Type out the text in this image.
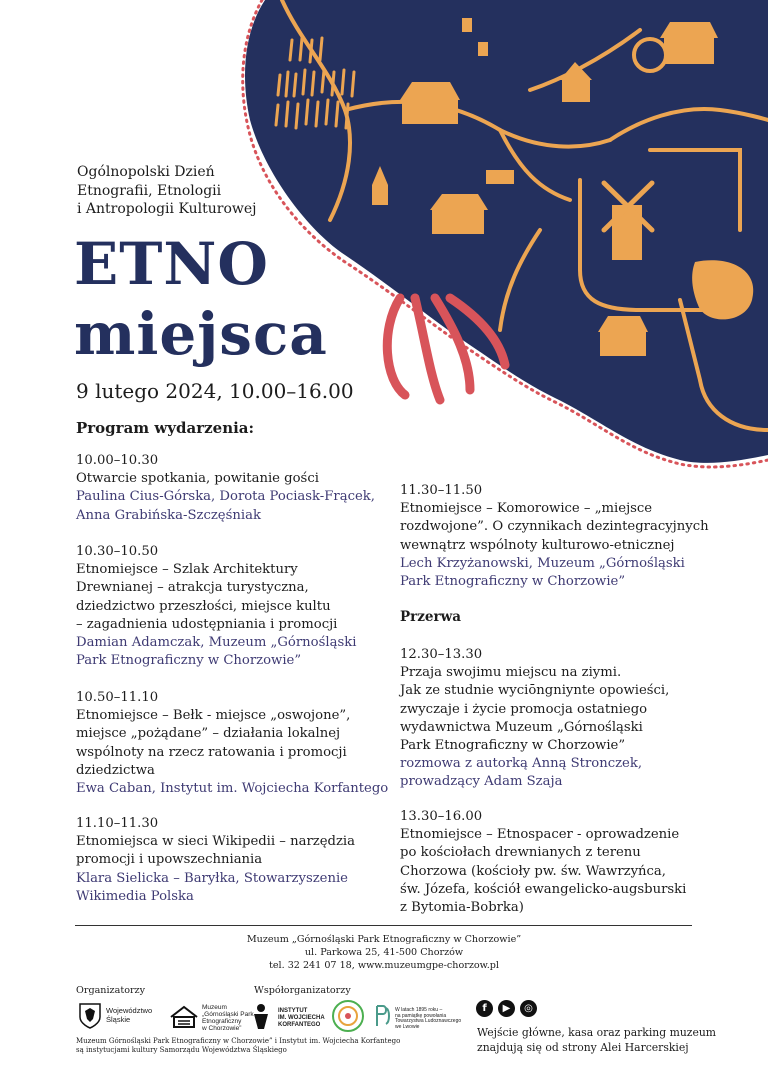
Ogólnopolski Dzień
Etnografii, Etnologii
i Antropologii Kulturowej
ETNO
miejsca
9 lutego 2024, 10.00–16.00
Program wydarzenia:
10.00–10.30
Otwarcie spotkania, powitanie gości
Paulina Cius-Górska, Dorota Pociask-Frącek,
Anna Grabińska-Szczęśniak
10.30–10.50
Etnomiejsce – Szlak Architektury
Drewnianej – atrakcja turystyczna,
dziedzictwo przeszłości, miejsce kultu
– zagadnienia udostępniania i promocji
Damian Adamczak, Muzeum „Górnośląski
Park Etnograficzny w Chorzowie”
10.50–11.10
Etnomiejsce – Bełk - miejsce „oswojone”,
miejsce „pożądane” – działania lokalnej
wspólnoty na rzecz ratowania i promocji
dziedzictwa
Ewa Caban, Instytut im. Wojciecha Korfantego
11.10–11.30
Etnomiejsca w sieci Wikipedii – narzędzia
promocji i upowszechniania
Klara Sielicka – Baryłka, Stowarzyszenie
Wikimedia Polska
11.30–11.50
Etnomiejsce – Komorowice – „miejsce
rozdwojone”. O czynnikach dezintegracyjnych
wewnątrz wspólnoty kulturowo-etnicznej
Lech Krzyżanowski, Muzeum „Górnośląski
Park Etnograficzny w Chorzowie”
Przerwa
12.30–13.30
Przaja swojimu miejscu na ziymi.
Jak ze studnie wyciōngniynte opowieści,
zwyczaje i życie promocja ostatniego
wydawnictwa Muzeum „Górnośląski
Park Etnograficzny w Chorzowie”
rozmowa z autorką Anną Stronczek,
prowadzący Adam Szaja
13.30–16.00
Etnomiejsce – Etnospacer - oprowadzenie
po kościołach drewnianych z terenu
Chorzowa (kościoły pw. św. Wawrzyńca,
św. Józefa, kościół ewangelicko-augsburski
z Bytomia-Bobrka)
Muzeum „Górnośląski Park Etnograficzny w Chorzowie”
ul. Parkowa 25, 41-500 Chorzów
tel. 32 241 07 18, www.muzeumgpe-chorzow.pl
Organizatorzy	Współorganizatorzy
Województwo
Śląskie
Muzeum
„Górnośląski Park
Etnograficzny
w Chorzowie”
INSTYTUT
IM. WOJCIECHA
KORFANTEGO
W latach 1895 roku –
na pamiątkę powołania
Towarzystwa Ludoznawczego
we Lwowie
Muzeum Górnośląski Park Etnograficzny w Chorzowie” i Instytut im. Wojciecha Korfantego
są instytucjami kultury Samorządu Województwa Śląskiego
f	▶	◎
Wejście główne, kasa oraz parking muzeum
znajdują się od strony Alei Harcerskiej
